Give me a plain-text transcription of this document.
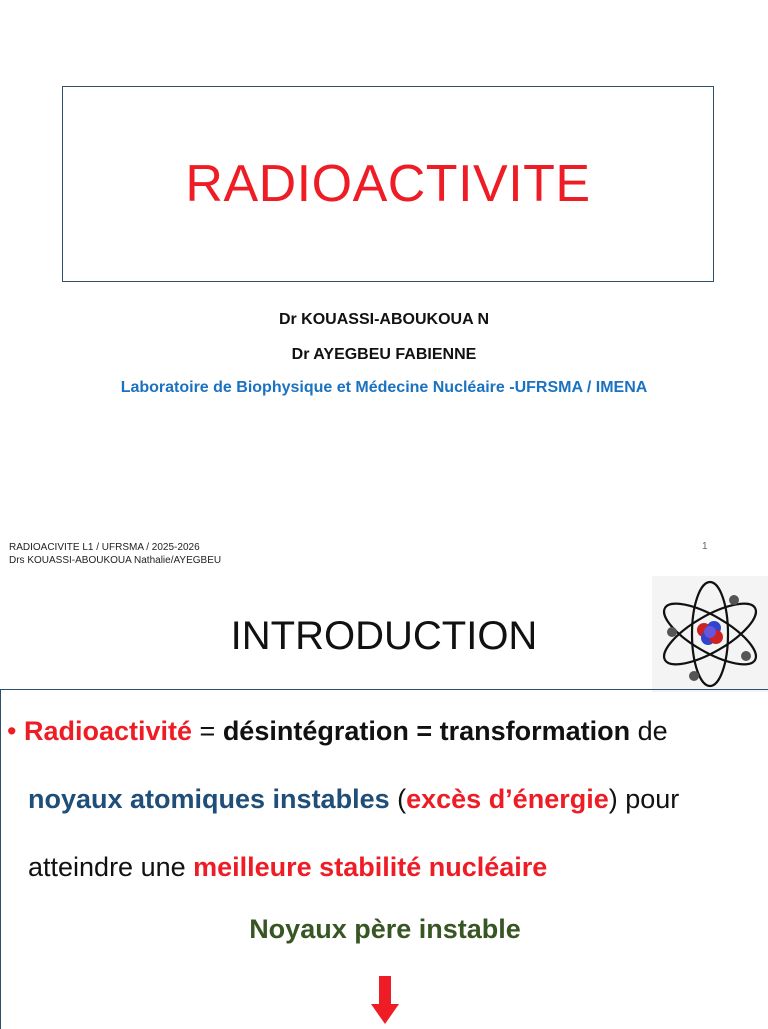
RADIOACTIVITE
Dr KOUASSI-ABOUKOUA N
Dr AYEGBEU FABIENNE
Laboratoire de Biophysique et Médecine Nucléaire -UFRSMA / IMENA
RADIOACIVITE L1 / UFRSMA / 2025-2026
Drs KOUASSI-ABOUKOUA Nathalie/AYEGBEU
1
INTRODUCTION
• Radioactivité = désintégration = transformation de
noyaux atomiques instables (excès d’énergie) pour
atteindre une meilleure stabilité nucléaire
Noyaux père instable
